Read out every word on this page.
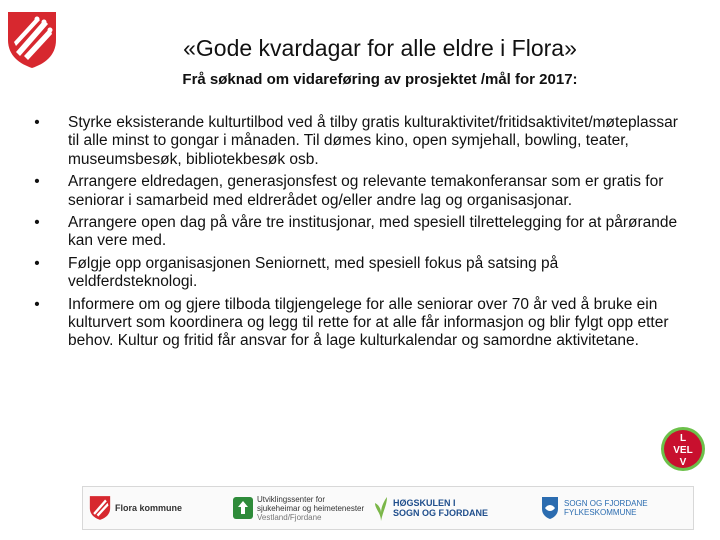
«Gode kvardagar for alle eldre i Flora»
Frå søknad om vidareføring av prosjektet /mål for 2017:
• Styrke eksisterande kulturtilbod ved å tilby gratis kulturaktivitet/fritidsaktivitet/møteplassar til alle minst to gongar i månaden. Til dømes kino, open symjehall, bowling, teater, museumsbesøk, bibliotekbesøk osb.
• Arrangere eldredagen, generasjonsfest og relevante temakonferansar som er gratis for seniorar i samarbeid med eldrerådet og/eller andre lag og organisasjonar.
• Arrangere open dag på våre tre institusjonar, med spesiell tilrettelegging for at pårørande kan vere med.
• Følgje opp organisasjonen Seniornett, med spesiell fokus på satsing på veldferdsteknologi.
• Informere om og gjere tilboda tilgjengelege for alle seniorar over 70 år ved å bruke ein kulturvert som koordinera og legg til rette for at alle får informasjon og blir fylgt opp etter behov. Kultur og fritid får ansvar for å lage kulturkalendar og samordne aktivitetane.
L
VEL
V
Flora kommune
Utviklingssenter for
sjukeheimar og heimetenester
Vestland/Fjordane
HØGSKULEN I
SOGN OG FJORDANE
SOGN OG FJORDANE
FYLKESKOMMUNE
